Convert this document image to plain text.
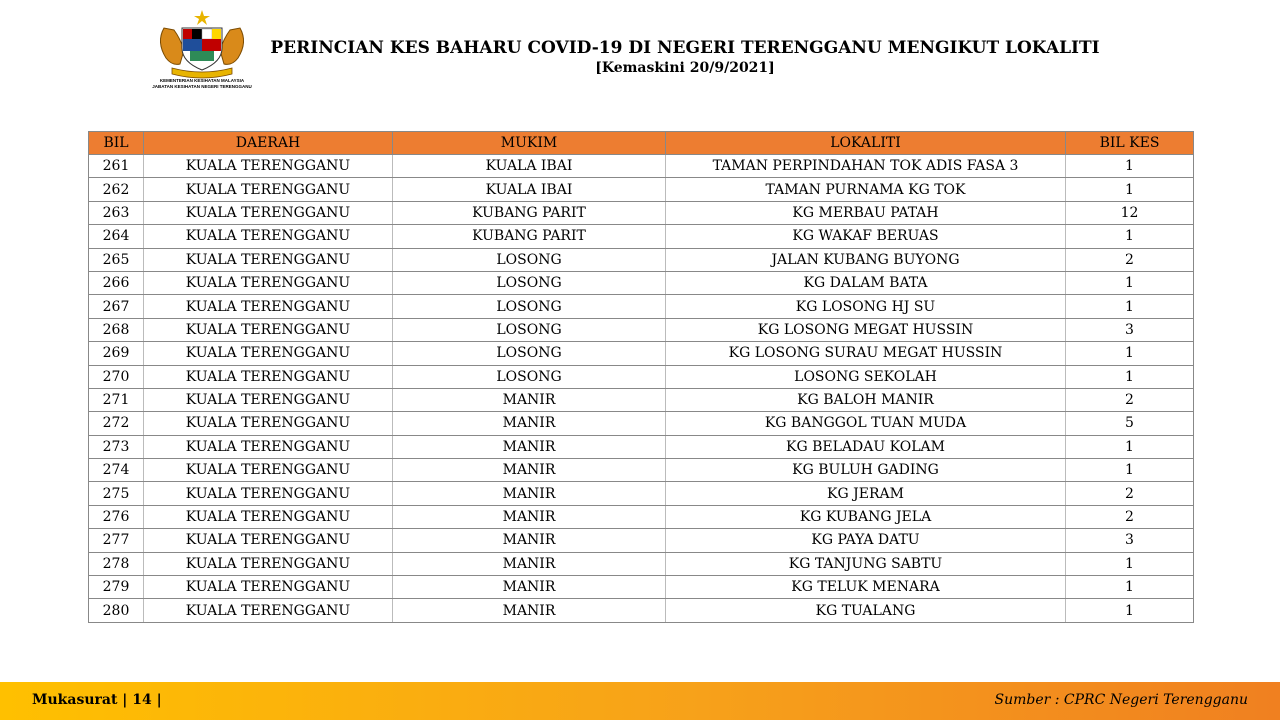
KEMENTERIAN KESIHATAN MALAYSIA
JABATAN KESIHATAN NEGERI TERENGGANU
PERINCIAN KES BAHARU COVID-19 DI NEGERI TERENGGANU MENGIKUT LOKALITI
[Kemaskini 20/9/2021]
BIL	DAERAH	MUKIM	LOKALITI	BIL KES
261	KUALA TERENGGANU	KUALA IBAI	TAMAN PERPINDAHAN TOK ADIS FASA 3	1
262	KUALA TERENGGANU	KUALA IBAI	TAMAN PURNAMA KG TOK	1
263	KUALA TERENGGANU	KUBANG PARIT	KG MERBAU PATAH	12
264	KUALA TERENGGANU	KUBANG PARIT	KG WAKAF BERUAS	1
265	KUALA TERENGGANU	LOSONG	JALAN KUBANG BUYONG	2
266	KUALA TERENGGANU	LOSONG	KG DALAM BATA	1
267	KUALA TERENGGANU	LOSONG	KG LOSONG HJ SU	1
268	KUALA TERENGGANU	LOSONG	KG LOSONG MEGAT HUSSIN	3
269	KUALA TERENGGANU	LOSONG	KG LOSONG SURAU MEGAT HUSSIN	1
270	KUALA TERENGGANU	LOSONG	LOSONG SEKOLAH	1
271	KUALA TERENGGANU	MANIR	KG BALOH MANIR	2
272	KUALA TERENGGANU	MANIR	KG BANGGOL TUAN MUDA	5
273	KUALA TERENGGANU	MANIR	KG BELADAU KOLAM	1
274	KUALA TERENGGANU	MANIR	KG BULUH GADING	1
275	KUALA TERENGGANU	MANIR	KG JERAM	2
276	KUALA TERENGGANU	MANIR	KG KUBANG JELA	2
277	KUALA TERENGGANU	MANIR	KG PAYA DATU	3
278	KUALA TERENGGANU	MANIR	KG TANJUNG SABTU	1
279	KUALA TERENGGANU	MANIR	KG TELUK MENARA	1
280	KUALA TERENGGANU	MANIR	KG TUALANG	1
Mukasurat | 14 |	Sumber : CPRC Negeri Terengganu
